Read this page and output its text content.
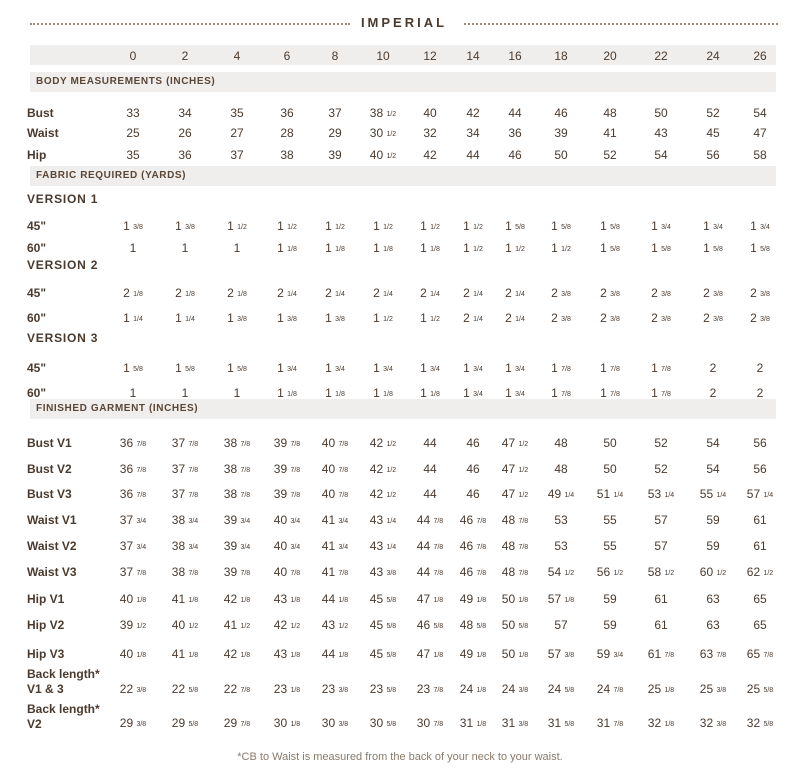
IMPERIAL
0	2	4	6	8	10	12	14	16	18	20	22	24	26
BODY MEASUREMENTS (INCHES)
FABRIC REQUIRED (YARDS)
FINISHED GARMENT (INCHES)
VERSION 1
VERSION 2
VERSION 3
Bust	33	34	35	36	37	38 1/2	40	42	44	46	48	50	52	54
Waist	25	26	27	28	29	30 1/2	32	34	36	39	41	43	45	47
Hip	35	36	37	38	39	40 1/2	42	44	46	50	52	54	56	58
45"	1 3/8	1 3/8	1 1/2	1 1/2	1 1/2	1 1/2	1 1/2	1 1/2	1 5/8	1 5/8	1 5/8	1 3/4	1 3/4	1 3/4
60"	1	1	1	1 1/8	1 1/8	1 1/8	1 1/8	1 1/2	1 1/2	1 1/2	1 5/8	1 5/8	1 5/8	1 5/8
45"	2 1/8	2 1/8	2 1/8	2 1/4	2 1/4	2 1/4	2 1/4	2 1/4	2 1/4	2 3/8	2 3/8	2 3/8	2 3/8	2 3/8
60"	1 1/4	1 1/4	1 3/8	1 3/8	1 3/8	1 1/2	1 1/2	2 1/4	2 1/4	2 3/8	2 3/8	2 3/8	2 3/8	2 3/8
45"	1 5/8	1 5/8	1 5/8	1 3/4	1 3/4	1 3/4	1 3/4	1 3/4	1 3/4	1 7/8	1 7/8	1 7/8	2	2
60"	1	1	1	1 1/8	1 1/8	1 1/8	1 1/8	1 3/4	1 3/4	1 7/8	1 7/8	1 7/8	2	2
Bust V1	36 7/8	37 7/8	38 7/8	39 7/8	40 7/8	42 1/2	44	46	47 1/2	48	50	52	54	56
Bust V2	36 7/8	37 7/8	38 7/8	39 7/8	40 7/8	42 1/2	44	46	47 1/2	48	50	52	54	56
Bust V3	36 7/8	37 7/8	38 7/8	39 7/8	40 7/8	42 1/2	44	46	47 1/2	49 1/4	51 1/4	53 1/4	55 1/4	57 1/4
Waist V1	37 3/4	38 3/4	39 3/4	40 3/4	41 3/4	43 1/4	44 7/8	46 7/8	48 7/8	53	55	57	59	61
Waist V2	37 3/4	38 3/4	39 3/4	40 3/4	41 3/4	43 1/4	44 7/8	46 7/8	48 7/8	53	55	57	59	61
Waist V3	37 7/8	38 7/8	39 7/8	40 7/8	41 7/8	43 3/8	44 7/8	46 7/8	48 7/8	54 1/2	56 1/2	58 1/2	60 1/2	62 1/2
Hip V1	40 1/8	41 1/8	42 1/8	43 1/8	44 1/8	45 5/8	47 1/8	49 1/8	50 1/8	57 1/8	59	61	63	65
Hip V2	39 1/2	40 1/2	41 1/2	42 1/2	43 1/2	45 5/8	46 5/8	48 5/8	50 5/8	57	59	61	63	65
Hip V3	40 1/8	41 1/8	42 1/8	43 1/8	44 1/8	45 5/8	47 1/8	49 1/8	50 1/8	57 3/8	59 3/4	61 7/8	63 7/8	65 7/8
Back length*
V1 & 3	22 3/8	22 5/8	22 7/8	23 1/8	23 3/8	23 5/8	23 7/8	24 1/8	24 3/8	24 5/8	24 7/8	25 1/8	25 3/8	25 5/8
Back length*
V2	29 3/8	29 5/8	29 7/8	30 1/8	30 3/8	30 5/8	30 7/8	31 1/8	31 3/8	31 5/8	31 7/8	32 1/8	32 3/8	32 5/8
*CB to Waist is measured from the back of your neck to your waist.
